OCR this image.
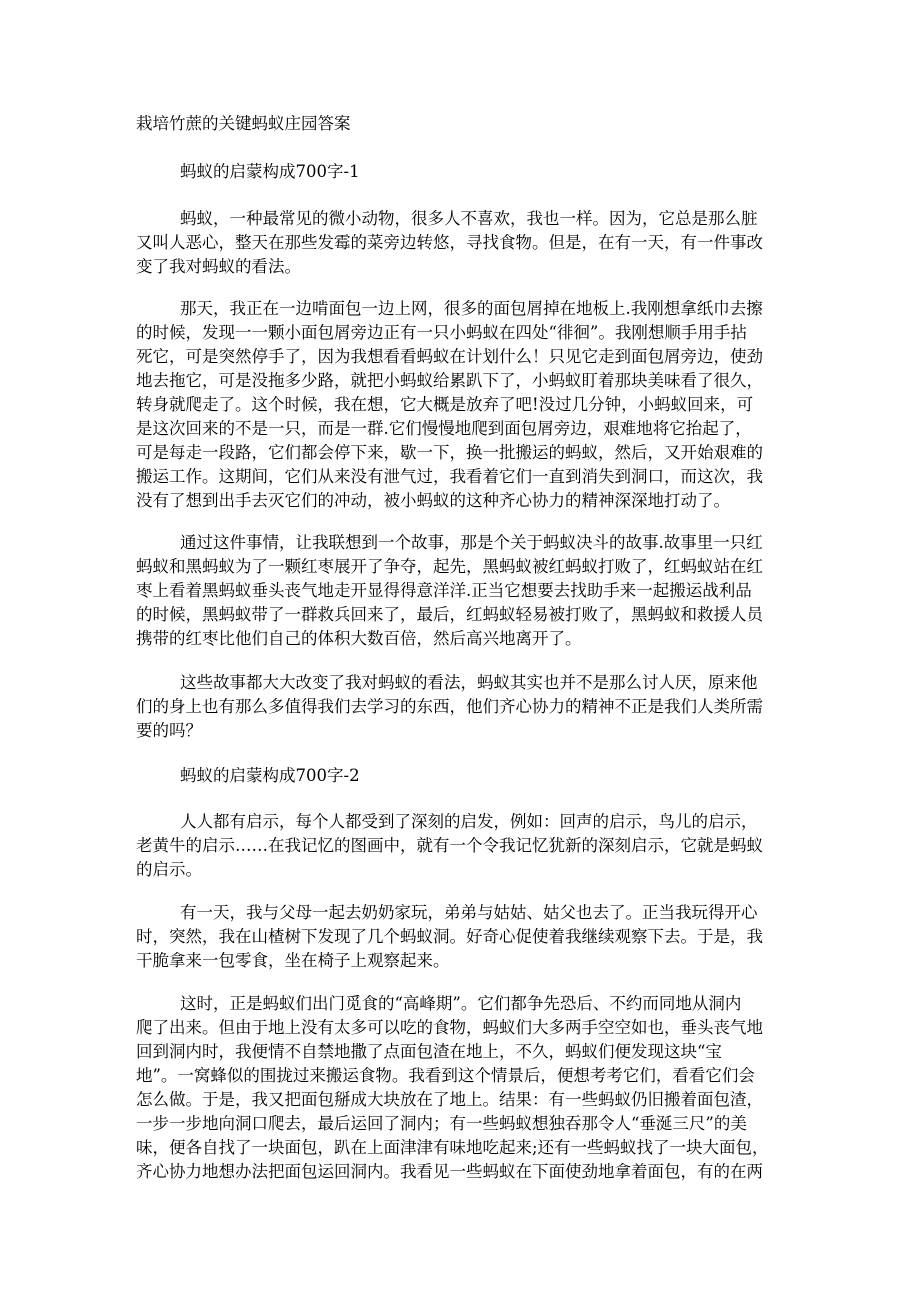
栽培竹蔗的关键蚂蚁庄园答案

蚂蚁的启蒙构成700字-1

蚂蚁，一种最常见的微小动物，很多人不喜欢，我也一样。因为，它总是那么脏

又叫人恶心，整天在那些发霉的菜旁边转悠，寻找食物。但是，在有一天，有一件事改

变了我对蚂蚁的看法。

那天，我正在一边啃面包一边上网，很多的面包屑掉在地板上.我刚想拿纸巾去擦

的时候，发现一一颗小面包屑旁边正有一只小蚂蚁在四处“徘徊”。我刚想顺手用手拈

死它，可是突然停手了，因为我想看看蚂蚁在计划什么！只见它走到面包屑旁边，使劲

地去拖它，可是没拖多少路，就把小蚂蚁给累趴下了，小蚂蚁盯着那块美味看了很久，

转身就爬走了。这个时候，我在想，它大概是放弃了吧!没过几分钟，小蚂蚁回来，可

是这次回来的不是一只，而是一群.它们慢慢地爬到面包屑旁边，艰难地将它抬起了，

可是每走一段路，它们都会停下来，歇一下，换一批搬运的蚂蚁，然后，又开始艰难的

搬运工作。这期间，它们从来没有泄气过，我看着它们一直到消失到洞口，而这次，我

没有了想到出手去灭它们的冲动，被小蚂蚁的这种齐心协力的精神深深地打动了。

通过这件事情，让我联想到一个故事，那是个关于蚂蚁决斗的故事.故事里一只红

蚂蚁和黑蚂蚁为了一颗红枣展开了争夺，起先，黑蚂蚁被红蚂蚁打败了，红蚂蚁站在红

枣上看着黑蚂蚁垂头丧气地走开显得得意洋洋.正当它想要去找助手来一起搬运战利品

的时候，黑蚂蚁带了一群救兵回来了，最后，红蚂蚁轻易被打败了，黑蚂蚁和救援人员

携带的红枣比他们自己的体积大数百倍，然后高兴地离开了。

这些故事都大大改变了我对蚂蚁的看法，蚂蚁其实也并不是那么讨人厌，原来他

们的身上也有那么多值得我们去学习的东西，他们齐心协力的精神不正是我们人类所需

要的吗？

蚂蚁的启蒙构成700字-2

人人都有启示，每个人都受到了深刻的启发，例如：回声的启示，鸟儿的启示，

老黄牛的启示……在我记忆的图画中，就有一个令我记忆犹新的深刻启示，它就是蚂蚁

的启示。

有一天，我与父母一起去奶奶家玩，弟弟与姑姑、姑父也去了。正当我玩得开心

时，突然，我在山楂树下发现了几个蚂蚁洞。好奇心促使着我继续观察下去。于是，我

干脆拿来一包零食，坐在椅子上观察起来。

这时，正是蚂蚁们出门觅食的“高峰期”。它们都争先恐后、不约而同地从洞内

爬了出来。但由于地上没有太多可以吃的食物，蚂蚁们大多两手空空如也，垂头丧气地

回到洞内时，我便情不自禁地撒了点面包渣在地上，不久，蚂蚁们便发现这块“宝

地”。一窝蜂似的围拢过来搬运食物。我看到这个情景后，便想考考它们，看看它们会

怎么做。于是，我又把面包掰成大块放在了地上。结果：有一些蚂蚁仍旧搬着面包渣，

一步一步地向洞口爬去，最后运回了洞内；有一些蚂蚁想独吞那令人“垂涎三尺”的美

味，便各自找了一块面包，趴在上面津津有味地吃起来;还有一些蚂蚁找了一块大面包，

齐心协力地想办法把面包运回洞内。我看见一些蚂蚁在下面使劲地拿着面包，有的在两
